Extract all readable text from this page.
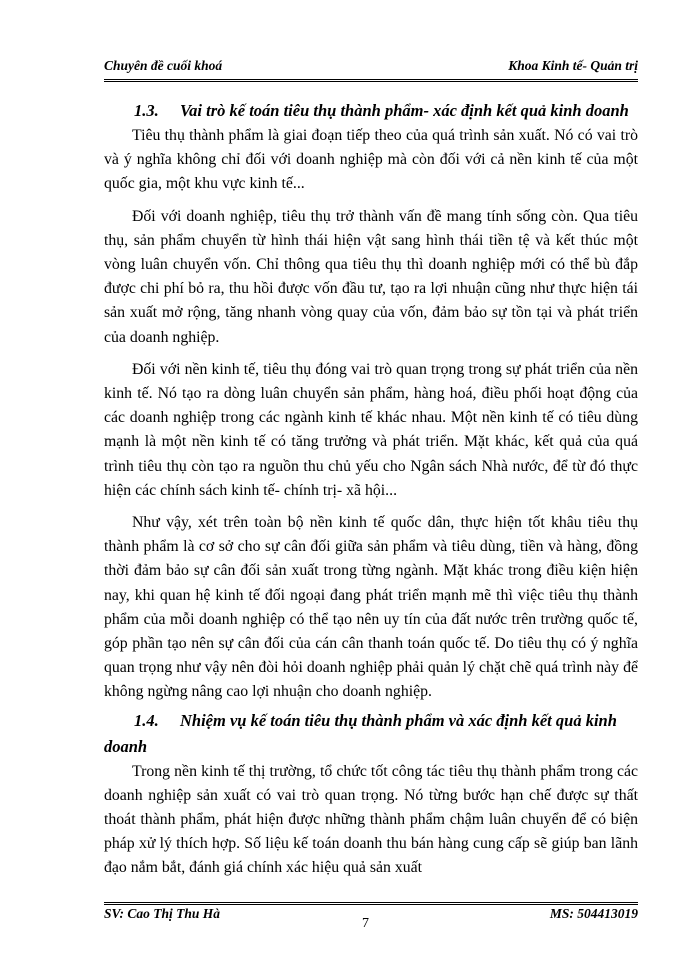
Chuyên đề cuối khoá	Khoa Kinh tế- Quản trị
1.3. Vai trò kế toán tiêu thụ thành phẩm- xác định kết quả kinh doanh

Tiêu thụ thành phẩm là giai đoạn tiếp theo của quá trình sản xuất. Nó có vai trò và ý nghĩa không chỉ đối với doanh nghiệp mà còn đối với cả nền kinh tế của một quốc gia, một khu vực kinh tế...

Đối với doanh nghiệp, tiêu thụ trở thành vấn đề mang tính sống còn. Qua tiêu thụ, sản phẩm chuyển từ hình thái hiện vật sang hình thái tiền tệ và kết thúc một vòng luân chuyển vốn. Chỉ thông qua tiêu thụ thì doanh nghiệp mới có thể bù đắp được chi phí bỏ ra, thu hồi được vốn đầu tư, tạo ra lợi nhuận cũng như thực hiện tái sản xuất mở rộng, tăng nhanh vòng quay của vốn, đảm bảo sự tồn tại và phát triển của doanh nghiệp.

Đối với nền kinh tế, tiêu thụ đóng vai trò quan trọng trong sự phát triển của nền kinh tế. Nó tạo ra dòng luân chuyển sản phẩm, hàng hoá, điều phối hoạt động của các doanh nghiệp trong các ngành kinh tế khác nhau. Một nền kinh tế có tiêu dùng mạnh là một nền kinh tế có tăng trưởng và phát triển. Mặt khác, kết quả của quá trình tiêu thụ còn tạo ra nguồn thu chủ yếu cho Ngân sách Nhà nước, để từ đó thực hiện các chính sách kinh tế- chính trị- xã hội...

Như vậy, xét trên toàn bộ nền kinh tế quốc dân, thực hiện tốt khâu tiêu thụ thành phẩm là cơ sở cho sự cân đối giữa sản phẩm và tiêu dùng, tiền và hàng, đồng thời đảm bảo sự cân đối sản xuất trong từng ngành. Mặt khác trong điều kiện hiện nay, khi quan hệ kinh tế đối ngoại đang phát triển mạnh mẽ thì việc tiêu thụ thành phẩm của mỗi doanh nghiệp có thể tạo nên uy tín của đất nước trên trường quốc tế, góp phần tạo nên sự cân đối của cán cân thanh toán quốc tế. Do tiêu thụ có ý nghĩa quan trọng như vậy nên đòi hỏi doanh nghiệp phải quản lý chặt chẽ quá trình này để không ngừng nâng cao lợi nhuận cho doanh nghiệp.

1.4. Nhiệm vụ kế toán tiêu thụ thành phẩm và xác định kết quả kinh doanh

Trong nền kinh tế thị trường, tổ chức tốt công tác tiêu thụ thành phẩm trong các doanh nghiệp sản xuất có vai trò quan trọng. Nó từng bước hạn chế được sự thất thoát thành phẩm, phát hiện được những thành phẩm chậm luân chuyển để có biện pháp xử lý thích hợp. Số liệu kế toán doanh thu bán hàng cung cấp sẽ giúp ban lãnh đạo nắm bắt, đánh giá chính xác hiệu quả sản xuất

SV: Cao Thị Thu Hà
7
MS: 504413019
